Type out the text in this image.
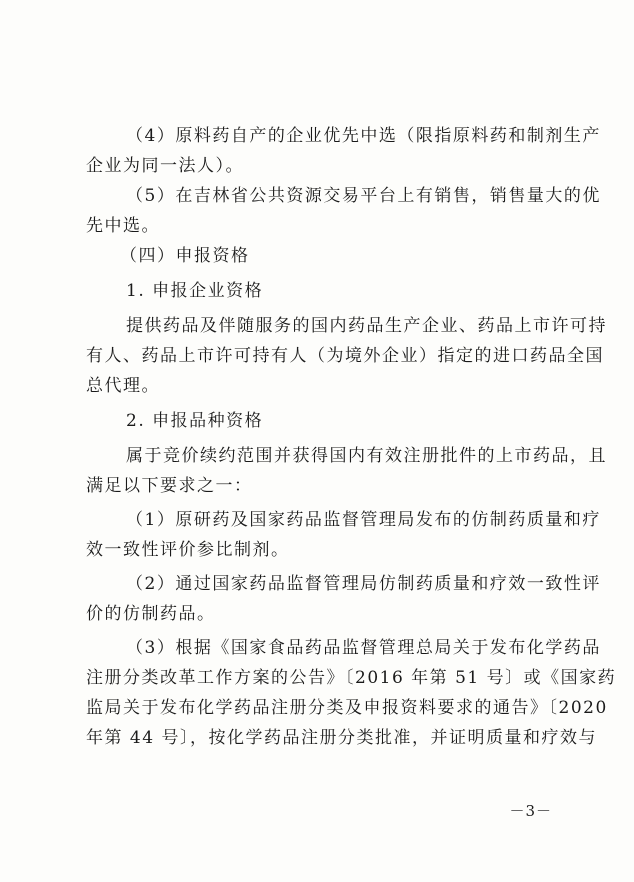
（4）原料药自产的企业优先中选（限指原料药和制剂生产
企业为同一法人）。
（5）在吉林省公共资源交易平台上有销售，销售量大的优
先中选。
（四）申报资格
1. 申报企业资格
提供药品及伴随服务的国内药品生产企业、药品上市许可持
有人、药品上市许可持有人（为境外企业）指定的进口药品全国
总代理。
2. 申报品种资格
属于竞价续约范围并获得国内有效注册批件的上市药品，且
满足以下要求之一：
（1）原研药及国家药品监督管理局发布的仿制药质量和疗
效一致性评价参比制剂。
（2）通过国家药品监督管理局仿制药质量和疗效一致性评
价的仿制药品。
（3）根据《国家食品药品监督管理总局关于发布化学药品
注册分类改革工作方案的公告》〔2016 年第 51 号〕或《国家药
监局关于发布化学药品注册分类及申报资料要求的通告》〔2020
年第 44 号〕，按化学药品注册分类批准，并证明质量和疗效与
－3－
